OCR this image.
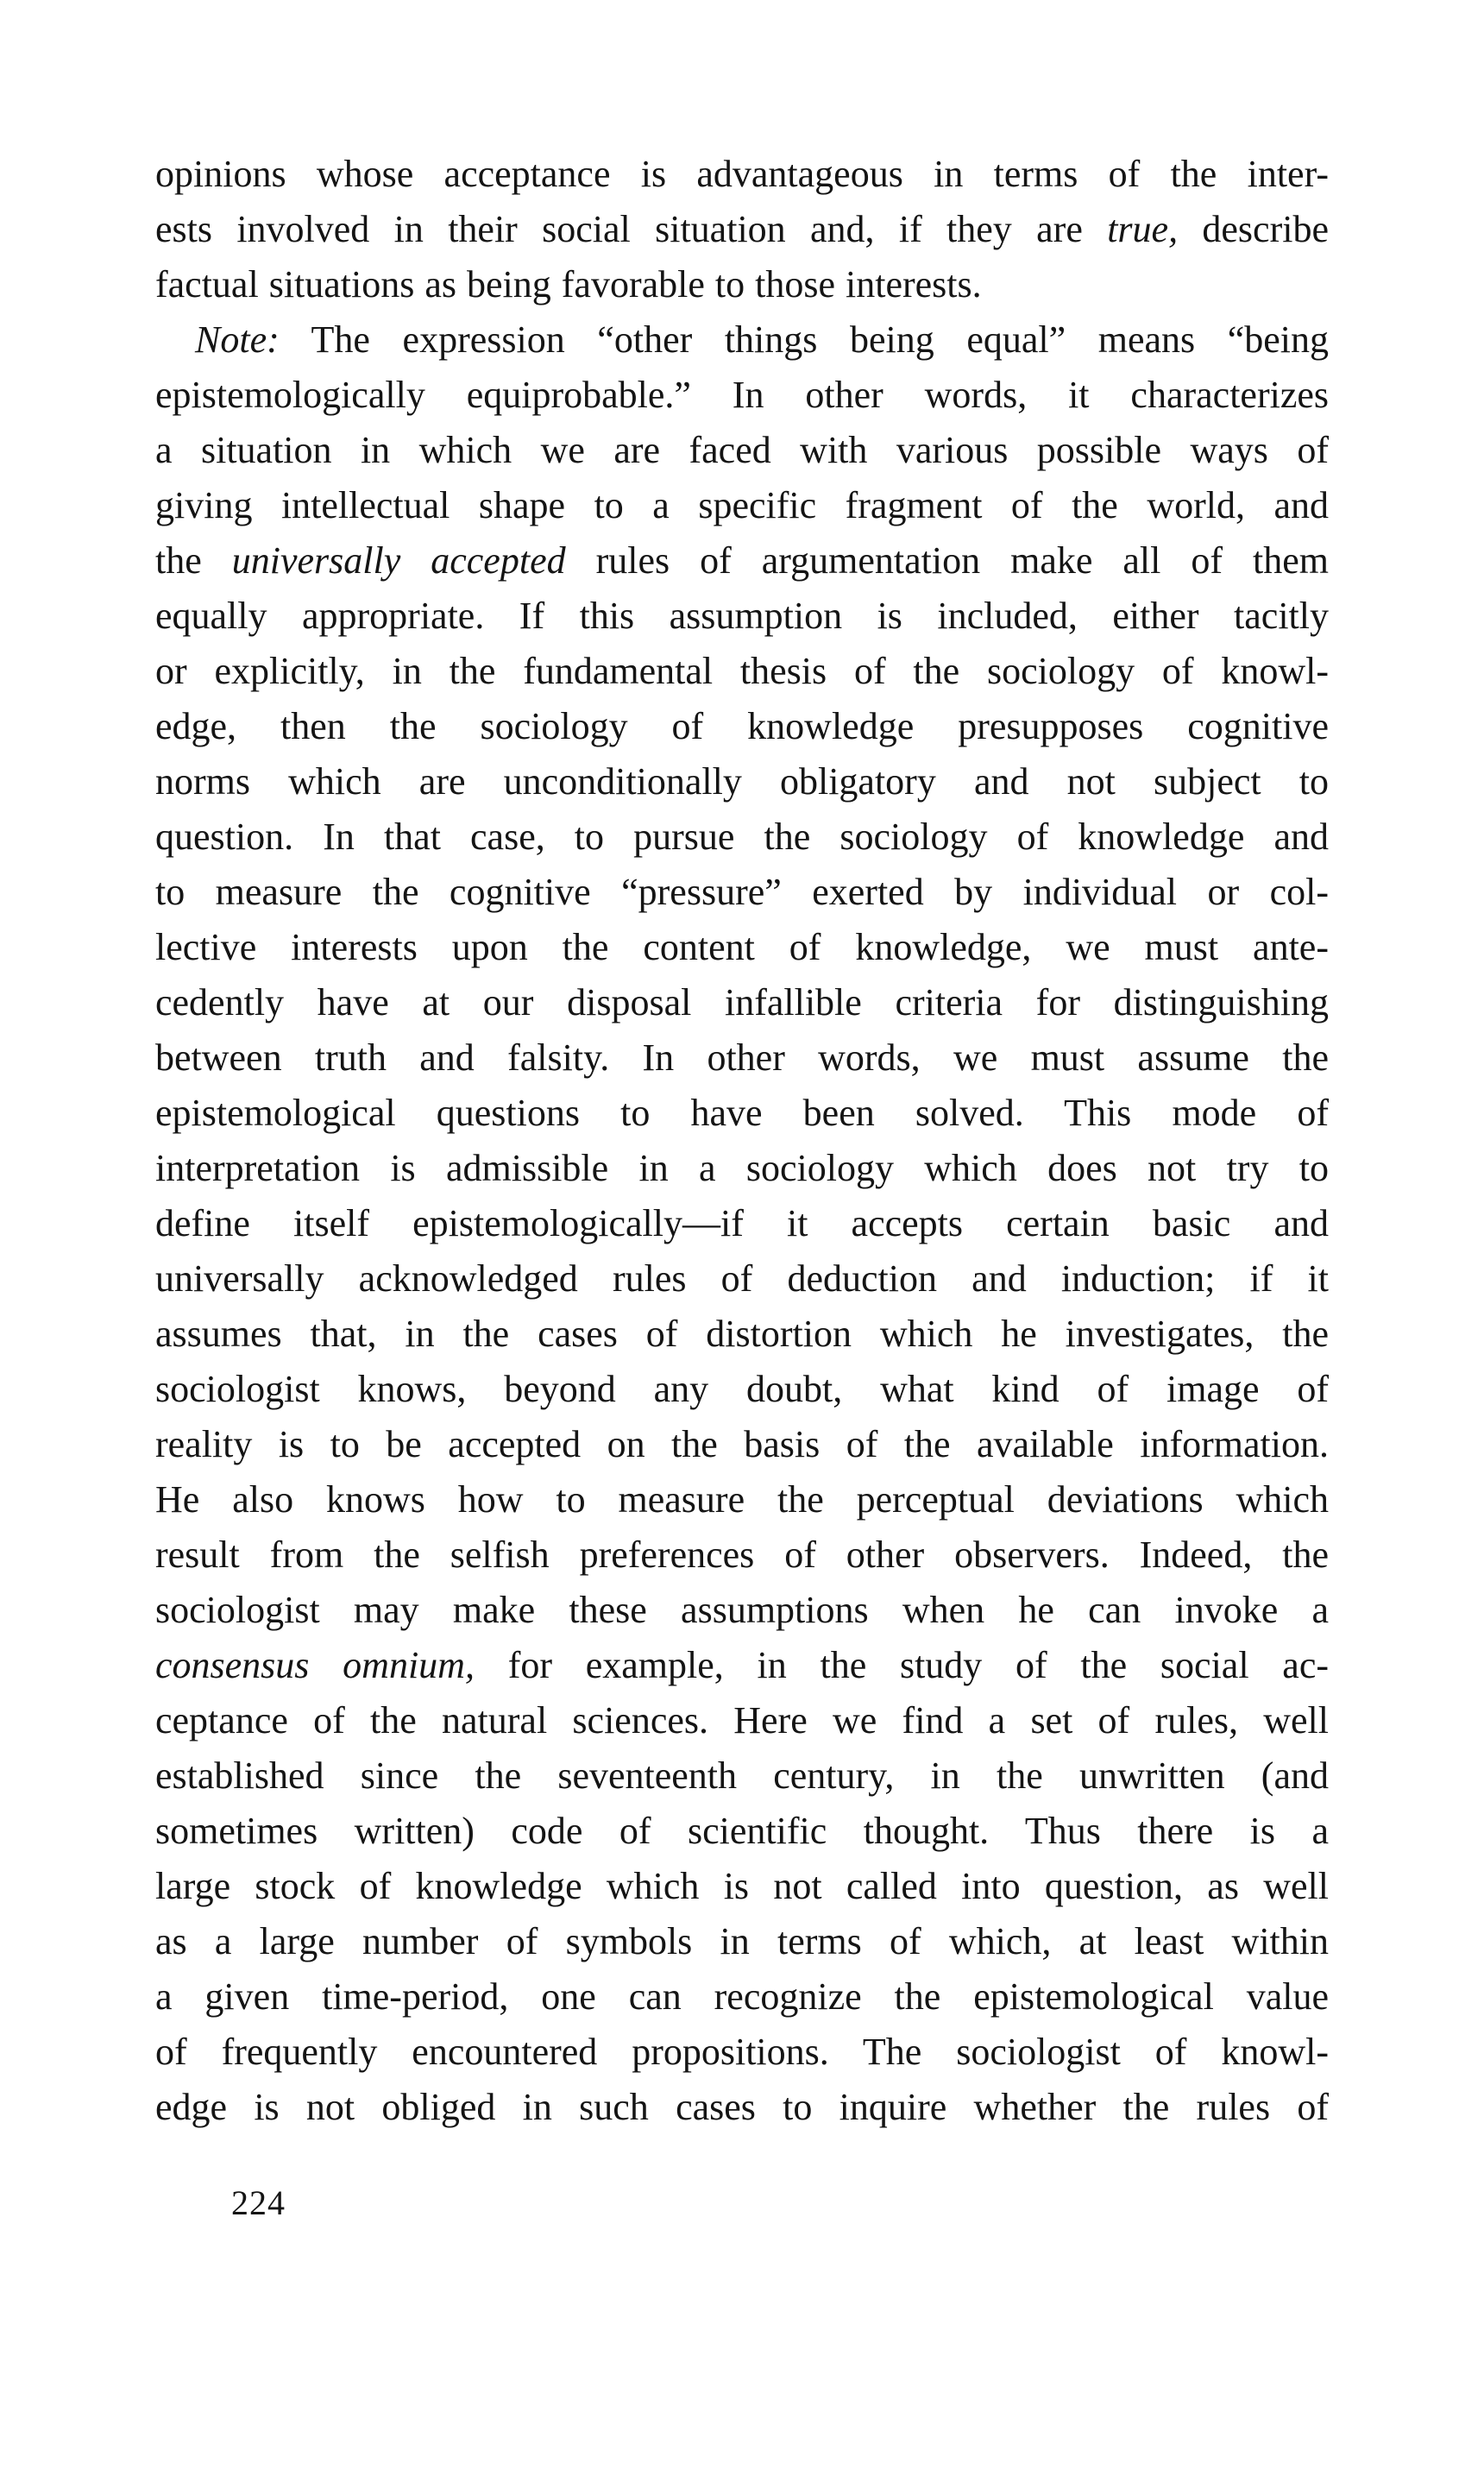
opinions whose acceptance is advantageous in terms of the inter-
ests involved in their social situation and, if they are true, describe
factual situations as being favorable to those interests.
Note: The expression “other things being equal” means “being
epistemologically equiprobable.” In other words, it characterizes
a situation in which we are faced with various possible ways of
giving intellectual shape to a specific fragment of the world, and
the universally accepted rules of argumentation make all of them
equally appropriate. If this assumption is included, either tacitly
or explicitly, in the fundamental thesis of the sociology of knowl-
edge, then the sociology of knowledge presupposes cognitive
norms which are unconditionally obligatory and not subject to
question. In that case, to pursue the sociology of knowledge and
to measure the cognitive “pressure” exerted by individual or col-
lective interests upon the content of knowledge, we must ante-
cedently have at our disposal infallible criteria for distinguishing
between truth and falsity. In other words, we must assume the
epistemological questions to have been solved. This mode of
interpretation is admissible in a sociology which does not try to
define itself epistemologically—if it accepts certain basic and
universally acknowledged rules of deduction and induction; if it
assumes that, in the cases of distortion which he investigates, the
sociologist knows, beyond any doubt, what kind of image of
reality is to be accepted on the basis of the available information.
He also knows how to measure the perceptual deviations which
result from the selfish preferences of other observers. Indeed, the
sociologist may make these assumptions when he can invoke a
consensus omnium, for example, in the study of the social ac-
ceptance of the natural sciences. Here we find a set of rules, well
established since the seventeenth century, in the unwritten (and
sometimes written) code of scientific thought. Thus there is a
large stock of knowledge which is not called into question, as well
as a large number of symbols in terms of which, at least within
a given time-period, one can recognize the epistemological value
of frequently encountered propositions. The sociologist of knowl-
edge is not obliged in such cases to inquire whether the rules of
224
